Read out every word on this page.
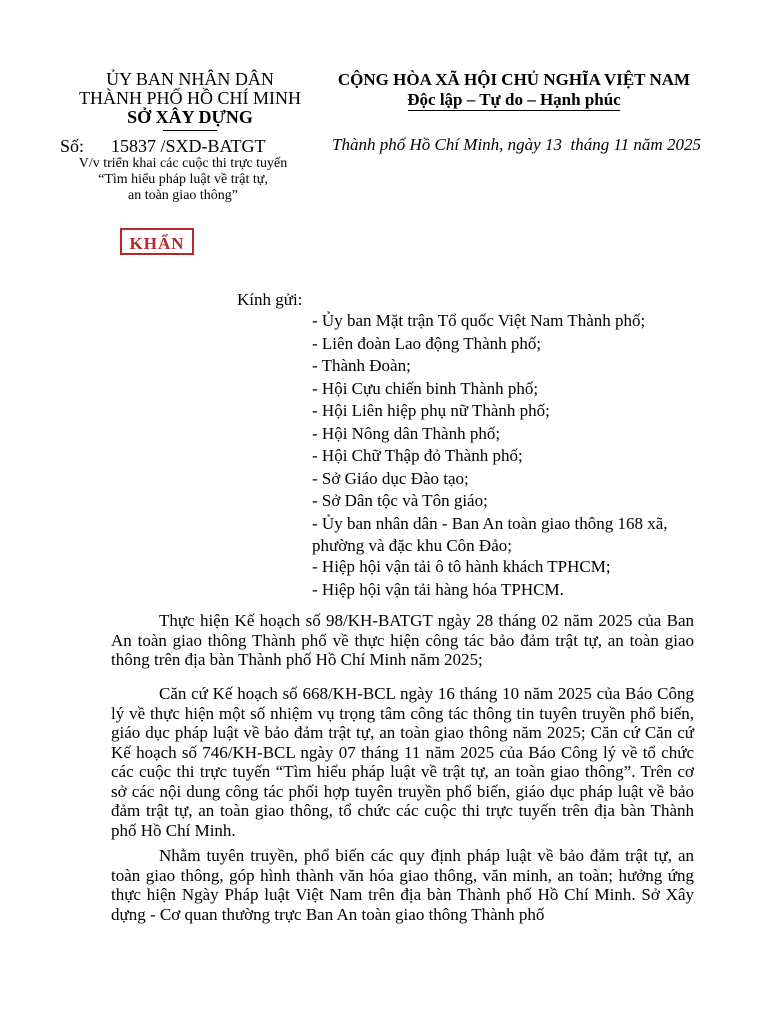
ỦY BAN NHÂN DÂN
THÀNH PHỐ HỒ CHÍ MINH
SỞ XÂY DỰNG
Số:      15837 /SXD-BATGT
V/v triển khai các cuộc thi trực tuyến
“Tìm hiểu pháp luật về trật tự,
an toàn giao thông”
CỘNG HÒA XÃ HỘI CHỦ NGHĨA VIỆT NAM
Độc lập – Tự do – Hạnh phúc
Thành phố Hồ Chí Minh, ngày 13  tháng 11 năm 2025
KHẨN
Kính gửi:
- Ủy ban Mặt trận Tổ quốc Việt Nam Thành phố;
- Liên đoàn Lao động Thành phố;
- Thành Đoàn;
- Hội Cựu chiến binh Thành phố;
- Hội Liên hiệp phụ nữ Thành phố;
- Hội Nông dân Thành phố;
- Hội Chữ Thập đỏ Thành phố;
- Sở Giáo dục Đào tạo;
- Sở Dân tộc và Tôn giáo;
- Ủy ban nhân dân - Ban An toàn giao thông 168 xã,
phường và đặc khu Côn Đảo;
- Hiệp hội vận tải ô tô hành khách TPHCM;
- Hiệp hội vận tải hàng hóa TPHCM.

Thực hiện Kế hoạch số 98/KH-BATGT ngày 28 tháng 02 năm 2025 của Ban An toàn giao thông Thành phố về thực hiện công tác bảo đảm trật tự, an toàn giao thông trên địa bàn Thành phố Hồ Chí Minh năm 2025;

Căn cứ Kế hoạch số 668/KH-BCL ngày 16 tháng 10 năm 2025 của Báo Công lý về thực hiện một số nhiệm vụ trọng tâm công tác thông tin tuyên truyền phổ biến, giáo dục pháp luật về bảo đảm trật tự, an toàn giao thông năm 2025; Căn cứ Căn cứ Kế hoạch số 746/KH-BCL ngày 07 tháng 11 năm 2025 của Báo Công lý về tổ chức các cuộc thi trực tuyến “Tìm hiểu pháp luật về trật tự, an toàn giao thông”. Trên cơ sở các nội dung công tác phối hợp tuyên truyền phổ biến, giáo dục pháp luật về bảo đảm trật tự, an toàn giao thông, tổ chức các cuộc thi trực tuyến trên địa bàn Thành phố Hồ Chí Minh.

Nhằm tuyên truyền, phổ biến các quy định pháp luật về bảo đảm trật tự, an toàn giao thông, góp hình thành văn hóa giao thông, văn minh, an toàn; hưởng ứng thực hiện Ngày Pháp luật Việt Nam trên địa bàn Thành phố Hồ Chí Minh. Sở Xây dựng - Cơ quan thường trực Ban An toàn giao thông Thành phố
